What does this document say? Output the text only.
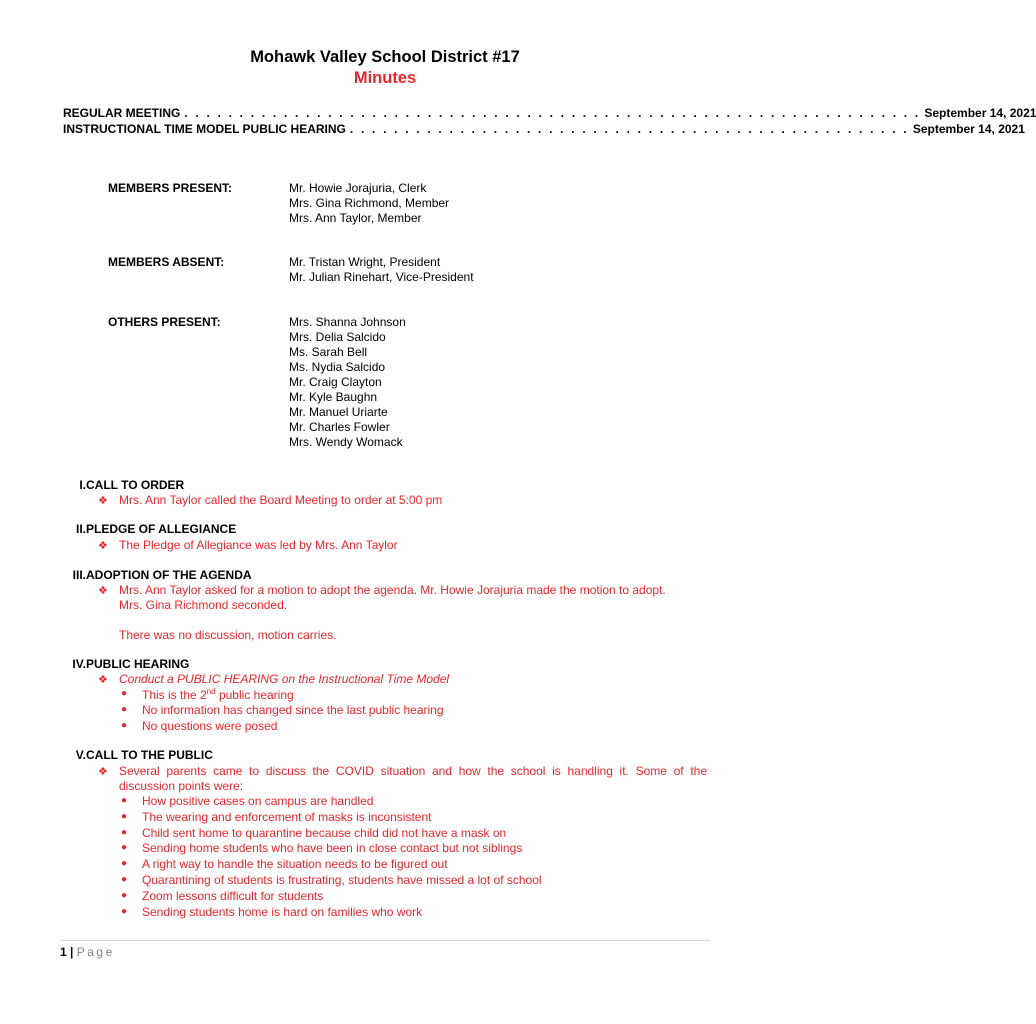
Mohawk Valley School District #17
Minutes
REGULAR MEETING . . . . . . . . . . . . . . . . . . . . . . . . . . . . . . . . . . . . . . . . . . . . . . . . . . . . . . . . . . . . . . . . . . . September 14, 2021
INSTRUCTIONAL TIME MODEL PUBLIC HEARING . . . . . . . . . . . . . . . . . . . . . . . . . . . . . . . . . . . . . . . . . . . . . . . . . . . September 14, 2021
MEMBERS PRESENT:	Mr. Howie Jorajuria, Clerk
Mrs. Gina Richmond, Member
Mrs. Ann Taylor, Member
MEMBERS ABSENT:	Mr. Tristan Wright, President
Mr. Julian Rinehart, Vice-President
OTHERS PRESENT:	Mrs. Shanna Johnson
Mrs. Delia Salcido
Ms. Sarah Bell
Ms. Nydia Salcido
Mr. Craig Clayton
Mr. Kyle Baughn
Mr. Manuel Uriarte
Mr. Charles Fowler
Mrs. Wendy Womack
I. CALL TO ORDER
❖ Mrs. Ann Taylor called the Board Meeting to order at 5:00 pm
II. PLEDGE OF ALLEGIANCE
❖ The Pledge of Allegiance was led by Mrs. Ann Taylor
III. ADOPTION OF THE AGENDA
❖ Mrs. Ann Taylor asked for a motion to adopt the agenda. Mr. Howie Jorajuria made the motion to adopt.
Mrs. Gina Richmond seconded.
There was no discussion, motion carries.
IV. PUBLIC HEARING
❖ Conduct a PUBLIC HEARING on the Instructional Time Model
● This is the 2nd public hearing
● No information has changed since the last public hearing
● No questions were posed
V. CALL TO THE PUBLIC
❖ Several parents came to discuss the COVID situation and how the school is handling it. Some of the
discussion points were:
● How positive cases on campus are handled
● The wearing and enforcement of masks is inconsistent
● Child sent home to quarantine because child did not have a mask on
● Sending home students who have been in close contact but not siblings
● A right way to handle the situation needs to be figured out
● Quarantining of students is frustrating, students have missed a lot of school
● Zoom lessons difficult for students
● Sending students home is hard on families who work
1 | Page
